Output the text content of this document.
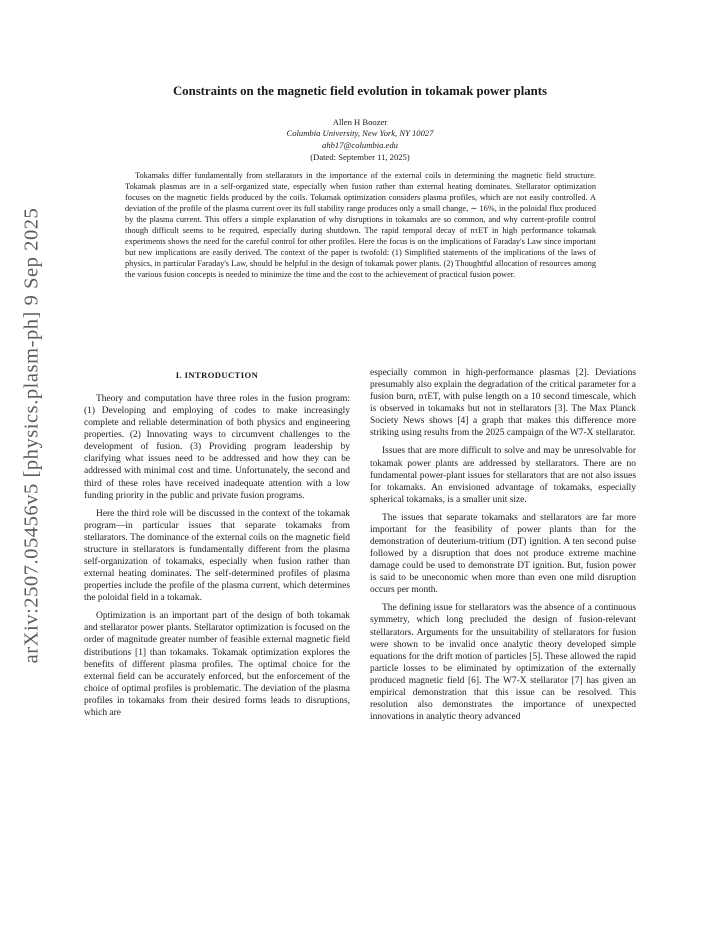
arXiv:2507.05456v5 [physics.plasm-ph] 9 Sep 2025
Constraints on the magnetic field evolution in tokamak power plants
Allen H Boozer
Columbia University, New York, NY 10027
ahb17@columbia.edu
(Dated: September 11, 2025)

Tokamaks differ fundamentally from stellarators in the importance of the external coils in determining the magnetic field structure. Tokamak plasmas are in a self-organized state, especially when fusion rather than external heating dominates. Stellarator optimization focuses on the magnetic fields produced by the coils. Tokamak optimization considers plasma profiles, which are not easily controlled. A deviation of the profile of the plasma current over its full stability range produces only a small change, ∼ 16%, in the poloidal flux produced by the plasma current. This offers a simple explanation of why disruptions in tokamaks are so common, and why current-profile control though difficult seems to be required, especially during shutdown. The rapid temporal decay of nτET in high performance tokamak experiments shows the need for the careful control for other profiles. Here the focus is on the implications of Faraday's Law since important but new implications are easily derived. The context of the paper is twofold: (1) Simplified statements of the implications of the laws of physics, in particular Faraday's Law, should be helpful in the design of tokamak power plants. (2) Thoughtful allocation of resources among the various fusion concepts is needed to minimize the time and the cost to the achievement of practical fusion power.

I. INTRODUCTION

Theory and computation have three roles in the fusion program: (1) Developing and employing of codes to make increasingly complete and reliable determination of both physics and engineering properties. (2) Innovating ways to circumvent challenges to the development of fusion. (3) Providing program leadership by clarifying what issues need to be addressed and how they can be addressed with minimal cost and time. Unfortunately, the second and third of these roles have received inadequate attention with a low funding priority in the public and private fusion programs.

Here the third role will be discussed in the context of the tokamak program—in particular issues that separate tokamaks from stellarators. The dominance of the external coils on the magnetic field structure in stellarators is fundamentally different from the plasma self-organization of tokamaks, especially when fusion rather than external heating dominates. The self-determined profiles of plasma properties include the profile of the plasma current, which determines the poloidal field in a tokamak.

Optimization is an important part of the design of both tokamak and stellarator power plants. Stellarator optimization is focused on the order of magnitude greater number of feasible external magnetic field distributions [1] than tokamaks. Tokamak optimization explores the benefits of different plasma profiles. The optimal choice for the external field can be accurately enforced, but the enforcement of the choice of optimal profiles is problematic. The deviation of the plasma profiles in tokamaks from their desired forms leads to disruptions, which are

especially common in high-performance plasmas [2]. Deviations presumably also explain the degradation of the critical parameter for a fusion burn, nτET, with pulse length on a 10 second timescale, which is observed in tokamaks but not in stellarators [3]. The Max Planck Society News shows [4] a graph that makes this difference more striking using results from the 2025 campaign of the W7-X stellarator.

Issues that are more difficult to solve and may be unresolvable for tokamak power plants are addressed by stellarators. There are no fundamental power-plant issues for stellarators that are not also issues for tokamaks. An envisioned advantage of tokamaks, especially spherical tokamaks, is a smaller unit size.

The issues that separate tokamaks and stellarators are far more important for the feasibility of power plants than for the demonstration of deuterium-tritium (DT) ignition. A ten second pulse followed by a disruption that does not produce extreme machine damage could be used to demonstrate DT ignition. But, fusion power is said to be uneconomic when more than even one mild disruption occurs per month.

The defining issue for stellarators was the absence of a continuous symmetry, which long precluded the design of fusion-relevant stellarators. Arguments for the unsuitability of stellarators for fusion were shown to be invalid once analytic theory developed simple equations for the drift motion of particles [5]. These allowed the rapid particle losses to be eliminated by optimization of the externally produced magnetic field [6]. The W7-X stellarator [7] has given an empirical demonstration that this issue can be resolved. This resolution also demonstrates the importance of unexpected innovations in analytic theory advanced
